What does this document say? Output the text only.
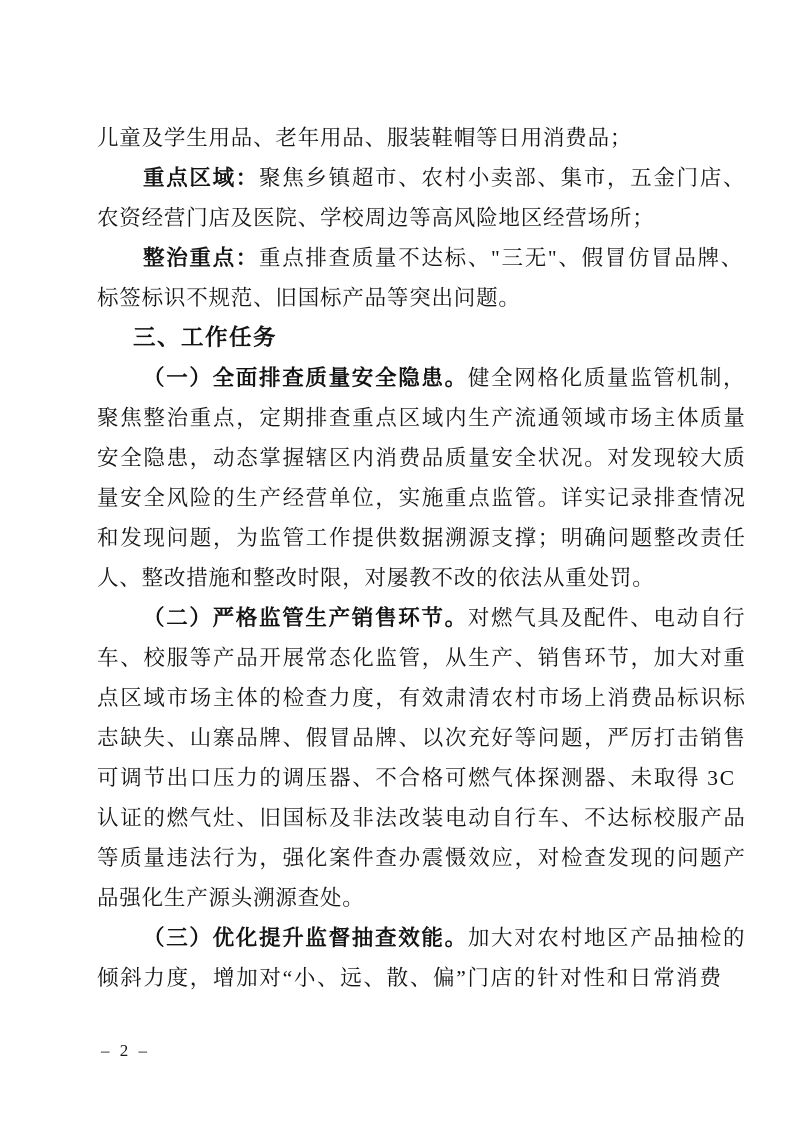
儿童及学生用品、老年用品、服装鞋帽等日用消费品；
重点区域：聚焦乡镇超市、农村小卖部、集市，五金门店、
农资经营门店及医院、学校周边等高风险地区经营场所；
整治重点：重点排查质量不达标、"三无"、假冒仿冒品牌、
标签标识不规范、旧国标产品等突出问题。
三、工作任务
（一）全面排查质量安全隐患。健全网格化质量监管机制，
聚焦整治重点，定期排查重点区域内生产流通领域市场主体质量
安全隐患，动态掌握辖区内消费品质量安全状况。对发现较大质
量安全风险的生产经营单位，实施重点监管。详实记录排查情况
和发现问题，为监管工作提供数据溯源支撑；明确问题整改责任
人、整改措施和整改时限，对屡教不改的依法从重处罚。
（二）严格监管生产销售环节。对燃气具及配件、电动自行
车、校服等产品开展常态化监管，从生产、销售环节，加大对重
点区域市场主体的检查力度，有效肃清农村市场上消费品标识标
志缺失、山寨品牌、假冒品牌、以次充好等问题，严厉打击销售
可调节出口压力的调压器、不合格可燃气体探测器、未取得 3C
认证的燃气灶、旧国标及非法改装电动自行车、不达标校服产品
等质量违法行为，强化案件查办震慑效应，对检查发现的问题产
品强化生产源头溯源查处。
（三）优化提升监督抽查效能。加大对农村地区产品抽检的
倾斜力度，增加对“小、远、散、偏”门店的针对性和日常消费
– 2 –
